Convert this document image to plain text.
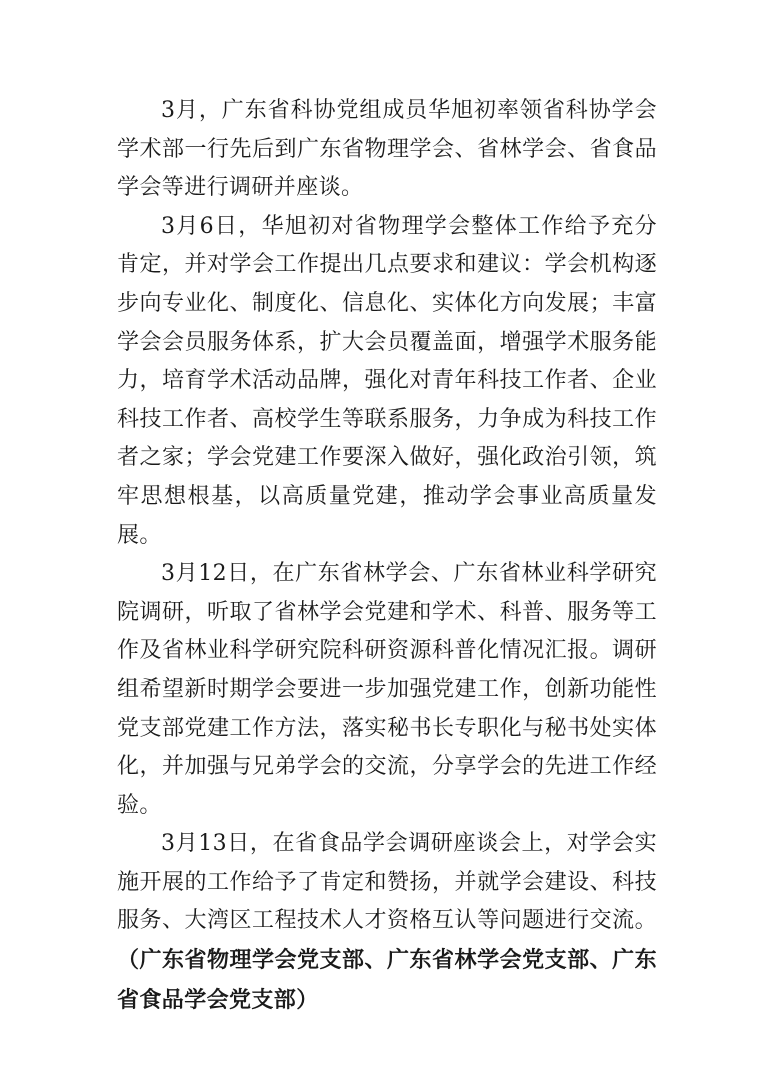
3月，广东省科协党组成员华旭初率领省科协学会学术部一行先后到广东省物理学会、省林学会、省食品学会等进行调研并座谈。

3月6日，华旭初对省物理学会整体工作给予充分肯定，并对学会工作提出几点要求和建议：学会机构逐步向专业化、制度化、信息化、实体化方向发展；丰富学会会员服务体系，扩大会员覆盖面，增强学术服务能力，培育学术活动品牌，强化对青年科技工作者、企业科技工作者、高校学生等联系服务，力争成为科技工作者之家；学会党建工作要深入做好，强化政治引领，筑牢思想根基，以高质量党建，推动学会事业高质量发展。

3月12日，在广东省林学会、广东省林业科学研究院调研，听取了省林学会党建和学术、科普、服务等工作及省林业科学研究院科研资源科普化情况汇报。调研组希望新时期学会要进一步加强党建工作，创新功能性党支部党建工作方法，落实秘书长专职化与秘书处实体化，并加强与兄弟学会的交流，分享学会的先进工作经验。

3月13日，在省食品学会调研座谈会上，对学会实施开展的工作给予了肯定和赞扬，并就学会建设、科技服务、大湾区工程技术人才资格互认等问题进行交流。（广东省物理学会党支部、广东省林学会党支部、广东省食品学会党支部）
